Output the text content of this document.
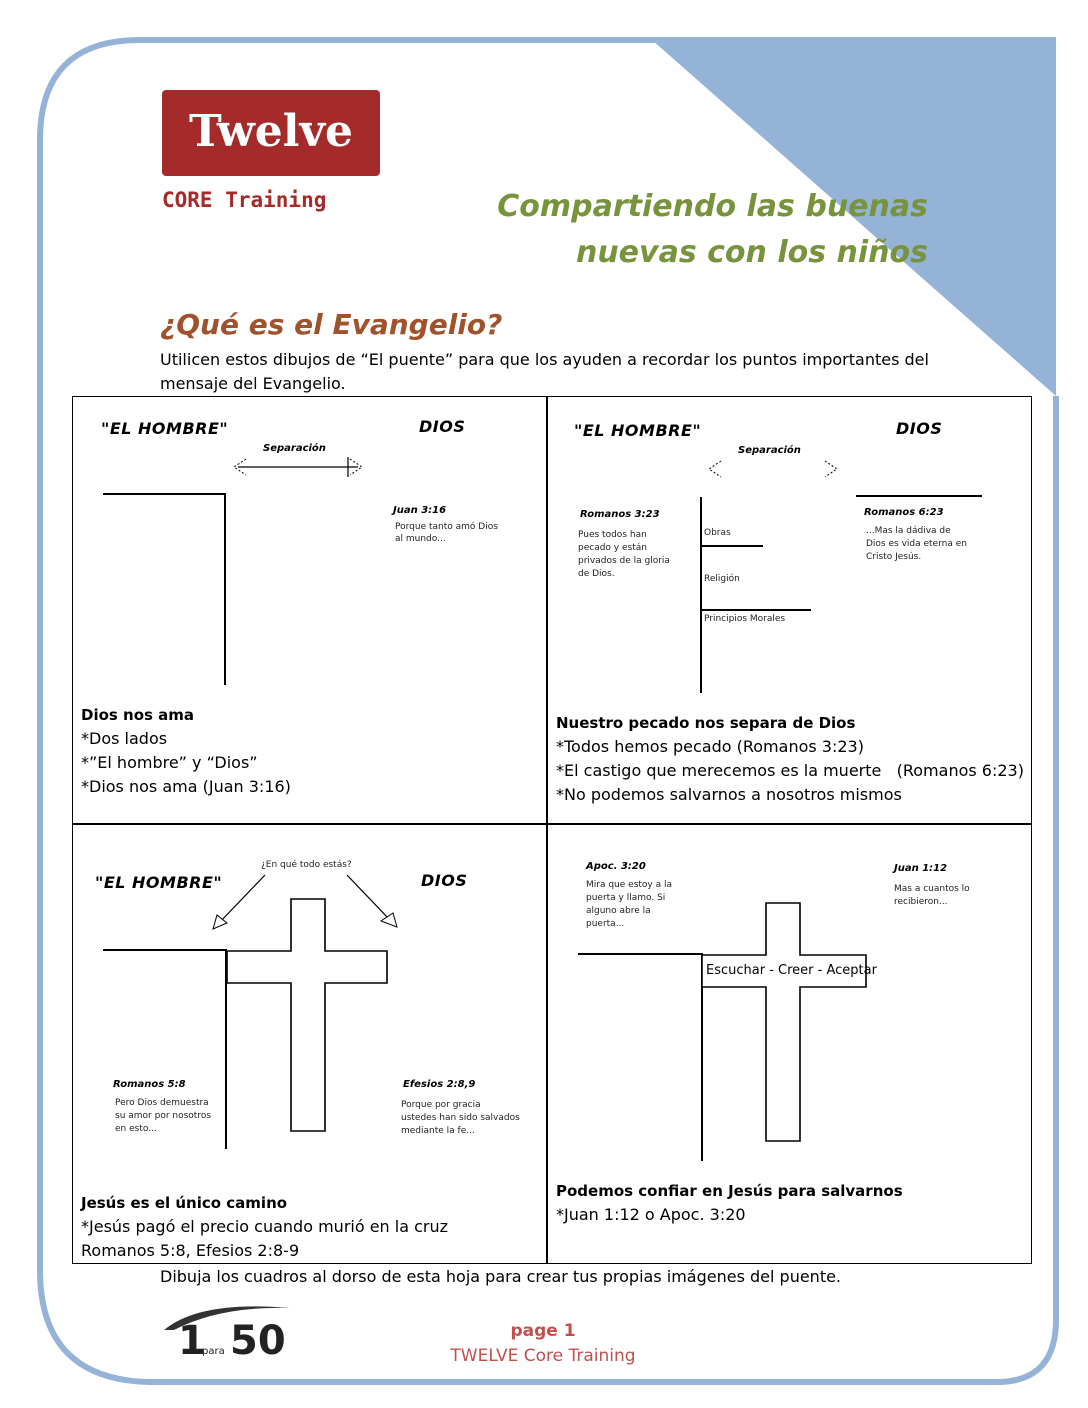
Twelve
CORE Training	Compartiendo las buenas
nuevas con los niños
¿Qué es el Evangelio?
Utilicen estos dibujos de “El puente” para que los ayuden a recordar los puntos importantes del
mensaje del Evangelio.
"EL HOMBRE"	DIOS
Separación
Juan 3:16
Porque tanto amó Dios
al mundo...
Dios nos ama
*Dos lados
*”El hombre” y “Dios”
*Dios nos ama (Juan 3:16)
"EL HOMBRE"	DIOS
Separación
Obras
Religión
Principios Morales
Romanos 3:23
Pues todos han
pecado y están
privados de la gloria
de Dios.
Romanos 6:23
...Mas la dádiva de
Dios es vida eterna en
Cristo Jesús.
Nuestro pecado nos separa de Dios
*Todos hemos pecado (Romanos 3:23)
*El castigo que merecemos es la muerte   (Romanos 6:23)
*No podemos salvarnos a nosotros mismos
"EL HOMBRE"	DIOS
¿En qué todo estás?
Romanos 5:8
Pero Dios demuestra
su amor por nosotros
en esto...
Efesios 2:8,9
Porque por gracia
ustedes han sido salvados
mediante la fe...
Jesús es el único camino
*Jesús pagó el precio cuando murió en la cruz
Romanos 5:8, Efesios 2:8-9
Apoc. 3:20
Mira que estoy a la
puerta y llamo. Si
alguno abre la
puerta...
Juan 1:12
Mas a cuantos lo
recibieron...
Escuchar - Creer - Aceptar
Podemos confiar en Jesús para salvarnos
*Juan 1:12 o Apoc. 3:20
Dibuja los cuadros al dorso de esta hoja para crear tus propias imágenes del puente.
1
para 50	page 1
TWELVE Core Training
